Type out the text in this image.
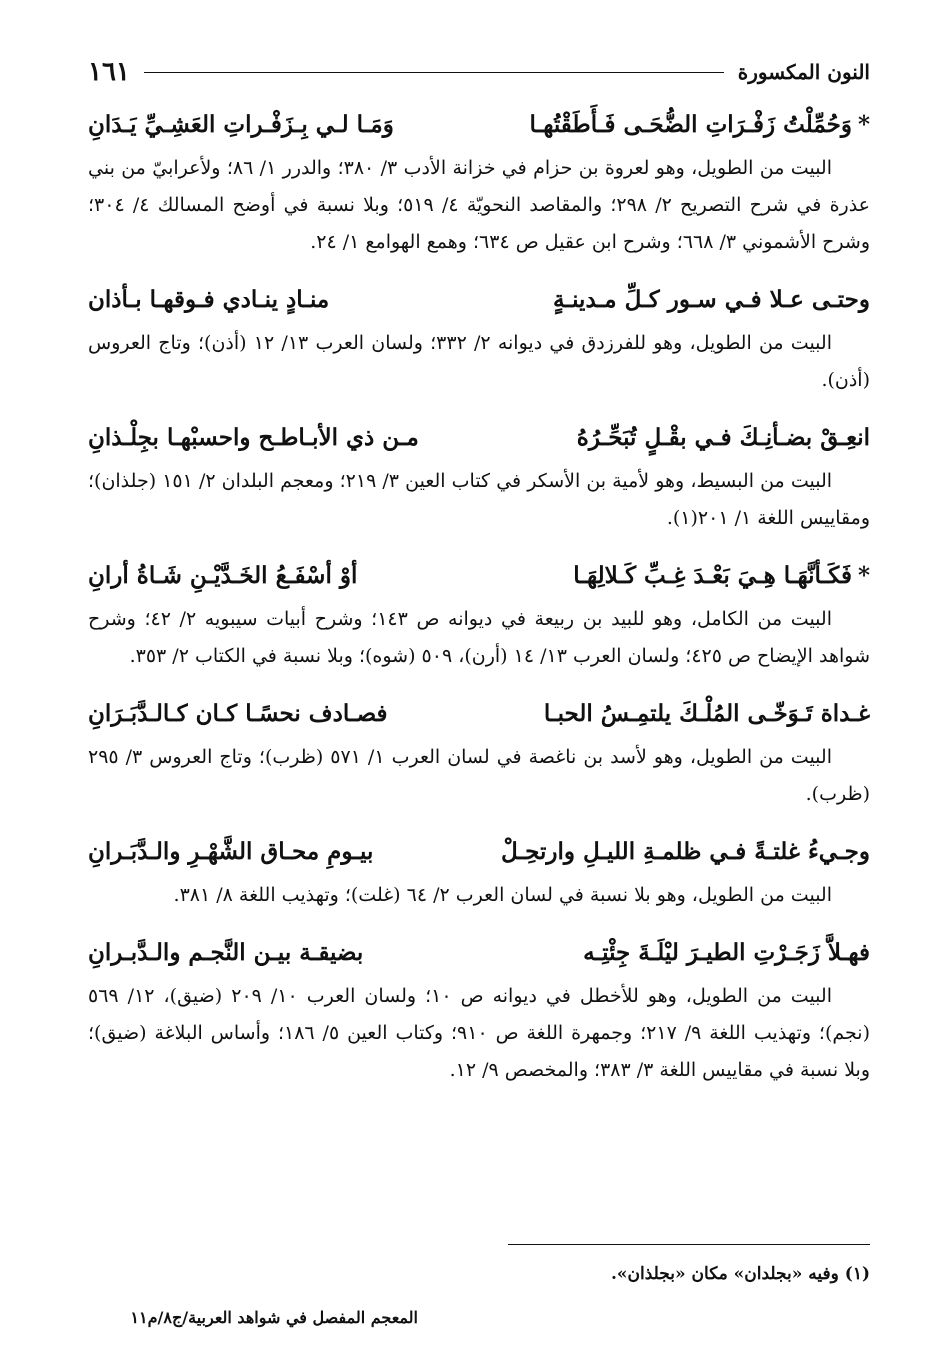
النون المكسورة
١٦١
*وَحُمِّلْتُ زَفْـرَاتِ الضُّحَـى فَـأَطَقْتُهـا
وَمَـا لـي بِـزَفْـراتِ العَشِـيِّ يَـدَانِ
البيت من الطويل، وهو لعروة بن حزام في خزانة الأدب ٣/ ٣٨٠؛ والدرر ١/ ٨٦؛ ولأعرابيّ من بني عذرة في شرح التصريح ٢/ ٢٩٨؛ والمقاصد النحويّة ٤/ ٥١٩؛ وبلا نسبة في أوضح المسالك ٤/ ٣٠٤؛ وشرح الأشموني ٣/ ٦٦٨؛ وشرح ابن عقيل ص ٦٣٤؛ وهمع الهوامع ١/ ٢٤.
وحتـى عـلا فـي سـور كـلِّ مـدينـةٍ
منـادٍ ينـادي فـوقهـا بـأذان
البيت من الطويل، وهو للفرزدق في ديوانه ٢/ ٣٣٢؛ ولسان العرب ١٣/ ١٢ (أذن)؛ وتاج العروس (أذن).
انعِـقْ بضـأنِـكَ فـي بقْـلٍ تُبَحِّـرُهُ
مـن ذي الأبـاطـح واحسبْهـا بجِلْـذانِ
البيت من البسيط، وهو لأمية بن الأسكر في كتاب العين ٣/ ٢١٩؛ ومعجم البلدان ٢/ ١٥١ (جلذان)؛ ومقاييس اللغة ١/ ٢٠١(١).
*فَكَـأنَّهَـا هِـيَ بَعْـدَ غِـبِّ كَـلالِهَـا
أوْ أسْفَـعُ الخَـدَّيْـنِ شَـاةُ أرانِ
البيت من الكامل، وهو للبيد بن ربيعة في ديوانه ص ١٤٣؛ وشرح أبيات سيبويه ٢/ ٤٢؛ وشرح شواهد الإيضاح ص ٤٢٥؛ ولسان العرب ١٣/ ١٤ (أرن)، ٥٠٩ (شوه)؛ وبلا نسبة في الكتاب ٢/ ٣٥٣.
غـداة تَـوَخّـى المُلْـكَ يلتمِـسُ الحبـا
فصـادف نحسًـا كـان كـالـدَّبَـرَانِ
البيت من الطويل، وهو لأسد بن ناغصة في لسان العرب ١/ ٥٧١ (ظرب)؛ وتاج العروس ٣/ ٢٩٥ (ظرب).
وجـيءُ غلتـةً فـي ظلمـةِ الليـلِ وارتحِـلْ
بيـومِ محـاق الشَّهْـرِ والـدَّبَـرانِ
البيت من الطويل، وهو بلا نسبة في لسان العرب ٢/ ٦٤ (غلت)؛ وتهذيب اللغة ٨/ ٣٨١.
فهـلاَّ زَجَـرْتِ الطيـرَ ليْلَـةَ جِئْتِـه
بضيقـة بيـن النَّجـم والـدَّبـرانِ
البيت من الطويل، وهو للأخطل في ديوانه ص ١٠؛ ولسان العرب ١٠/ ٢٠٩ (ضيق)، ١٢/ ٥٦٩ (نجم)؛ وتهذيب اللغة ٩/ ٢١٧؛ وجمهرة اللغة ص ٩١٠؛ وكتاب العين ٥/ ١٨٦؛ وأساس البلاغة (ضيق)؛ وبلا نسبة في مقاييس اللغة ٣/ ٣٨٣؛ والمخصص ٩/ ١٢.
(١) وفيه «بجلدان» مكان «بجلذان».
المعجم المفصل في شواهد العربية/ج٨/م١١
